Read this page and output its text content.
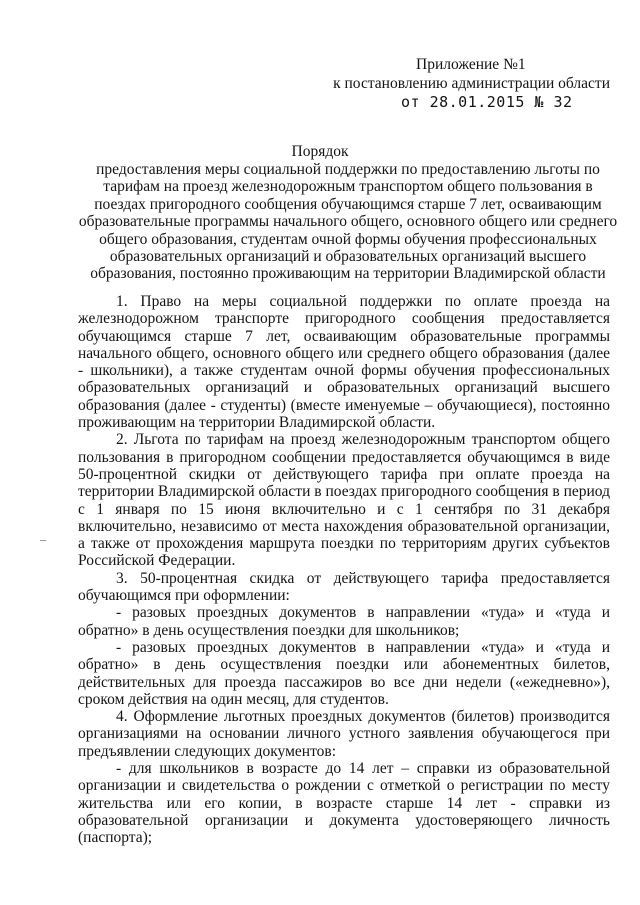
Приложение №1
к постановлению администрации области
от 28.01.2015 № 32
Порядок
предоставления меры социальной поддержки по предоставлению льготы по тарифам на проезд железнодорожным транспортом общего пользования в поездах пригородного сообщения обучающимся старше 7 лет, осваивающим образовательные программы начального общего, основного общего или среднего общего образования, студентам очной формы обучения профессиональных образовательных организаций и образовательных организаций высшего образования, постоянно проживающим на территории Владимирской области

1. Право на меры социальной поддержки по оплате проезда на железнодорожном транспорте пригородного сообщения предоставляется обучающимся старше 7 лет, осваивающим образовательные программы начального общего, основного общего или среднего общего образования (далее - школьники), а также студентам очной формы обучения профессиональных образовательных организаций и образовательных организаций высшего образования (далее - студенты) (вместе именуемые – обучающиеся), постоянно проживающим на территории Владимирской области.

2. Льгота по тарифам на проезд железнодорожным транспортом общего пользования в пригородном сообщении предоставляется обучающимся в виде 50-процентной скидки от действующего тарифа при оплате проезда на территории Владимирской области в поездах пригородного сообщения в период с 1 января по 15 июня включительно и с 1 сентября по 31 декабря включительно, независимо от места нахождения образовательной организации, а также от прохождения маршрута поездки по территориям других субъектов Российской Федерации.

3. 50-процентная скидка от действующего тарифа предоставляется обучающимся при оформлении:

- разовых проездных документов в направлении «туда» и «туда и обратно» в день осуществления поездки для школьников;

- разовых проездных документов в направлении «туда» и «туда и обратно» в день осуществления поездки или абонементных билетов, действительных для проезда пассажиров во все дни недели («ежедневно»), сроком действия на один месяц, для студентов.

4. Оформление льготных проездных документов (билетов) производится организациями на основании личного устного заявления обучающегося при предъявлении следующих документов:

- для школьников в возрасте до 14 лет – справки из образовательной организации и свидетельства о рождении с отметкой о регистрации по месту жительства или его копии, в возрасте старше 14 лет - справки из образовательной организации и документа удостоверяющего личность (паспорта);

–
